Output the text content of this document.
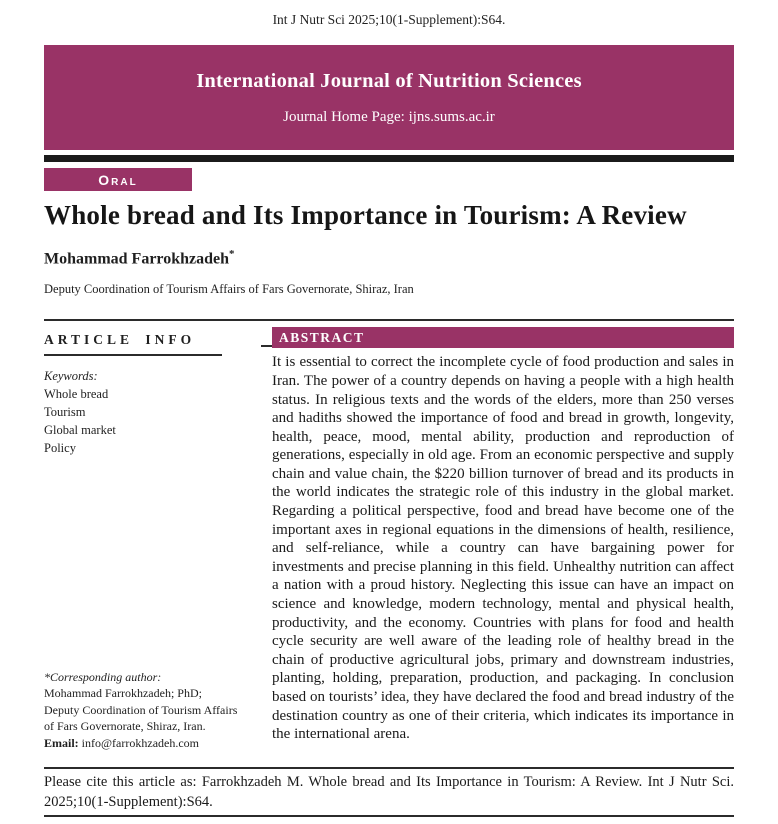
Int J Nutr Sci 2025;10(1-Supplement):S64.
International Journal of Nutrition Sciences
Journal Home Page: ijns.sums.ac.ir
Oral
Whole bread and Its Importance in Tourism: A Review
Mohammad Farrokhzadeh*
Deputy Coordination of Tourism Affairs of Fars Governorate, Shiraz, Iran
ARTICLE INFO
Keywords:
Whole bread
Tourism
Global market
Policy
*Corresponding author:
Mohammad Farrokhzadeh; PhD;
Deputy Coordination of Tourism Affairs
of Fars Governorate, Shiraz, Iran.
Email: info@farrokhzadeh.com
ABSTRACT

It is essential to correct the incomplete cycle of food production and sales in Iran. The power of a country depends on having a people with a high health status. In religious texts and the words of the elders, more than 250 verses and hadiths showed the importance of food and bread in growth, longevity, health, peace, mood, mental ability, production and reproduction of generations, especially in old age. From an economic perspective and supply chain and value chain, the $220 billion turnover of bread and its products in the world indicates the strategic role of this industry in the global market. Regarding a political perspective, food and bread have become one of the important axes in regional equations in the dimensions of health, resilience, and self-reliance, while a country can have bargaining power for investments and precise planning in this field. Unhealthy nutrition can affect a nation with a proud history. Neglecting this issue can have an impact on science and knowledge, modern technology, mental and physical health, productivity, and the economy. Countries with plans for food and health cycle security are well aware of the leading role of healthy bread in the chain of productive agricultural jobs, primary and downstream industries, planting, holding, preparation, production, and packaging. In conclusion based on tourists’ idea, they have declared the food and bread industry of the destination country as one of their criteria, which indicates its importance in the international arena.

Please cite this article as: Farrokhzadeh M. Whole bread and Its Importance in Tourism: A Review. Int J Nutr Sci.
2025;10(1-Supplement):S64.
